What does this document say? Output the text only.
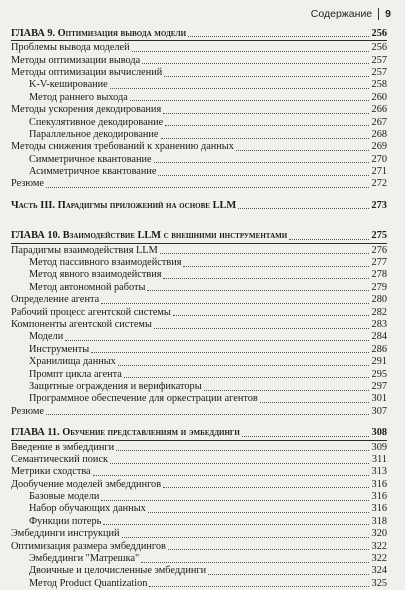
Содержание 9
ГЛАВА 9. Оптимизация вывода модели	256
Проблемы вывода моделей	256
Методы оптимизации вывода	257
Методы оптимизации вычислений	257
K-V-кеширование	258
Метод раннего выхода	260
Методы ускорения декодирования	266
Спекулятивное декодирование	267
Параллельное декодирование	268
Методы снижения требований к хранению данных	269
Симметричное квантование	270
Асимметричное квантование	271
Резюме	272
Часть III. Парадигмы приложений на основе LLM	273
ГЛАВА 10. Взаимодействие LLM с внешними инструментами	275
Парадигмы взаимодействия LLM	276
Метод пассивного взаимодействия	277
Метод явного взаимодействия	278
Метод автономной работы	279
Определение агента	280
Рабочий процесс агентской системы	282
Компоненты агентской системы	283
Модели	284
Инструменты	286
Хранилища данных	291
Промпт цикла агента	295
Защитные ограждения и верификаторы	297
Программное обеспечение для оркестрации агентов	301
Резюме	307
ГЛАВА 11. Обучение представлениям и эмбеддинги	308
Введение в эмбеддинги	309
Семантический поиск	311
Метрики сходства	313
Дообучение моделей эмбеддингов	316
Базовые модели	316
Набор обучающих данных	316
Функции потерь	318
Эмбеддинги инструкций	320
Оптимизация размера эмбеддингов	322
Эмбеддинги "Матрешка"	322
Двоичные и целочисленные эмбеддинги	324
Метод Product Quantization	325
